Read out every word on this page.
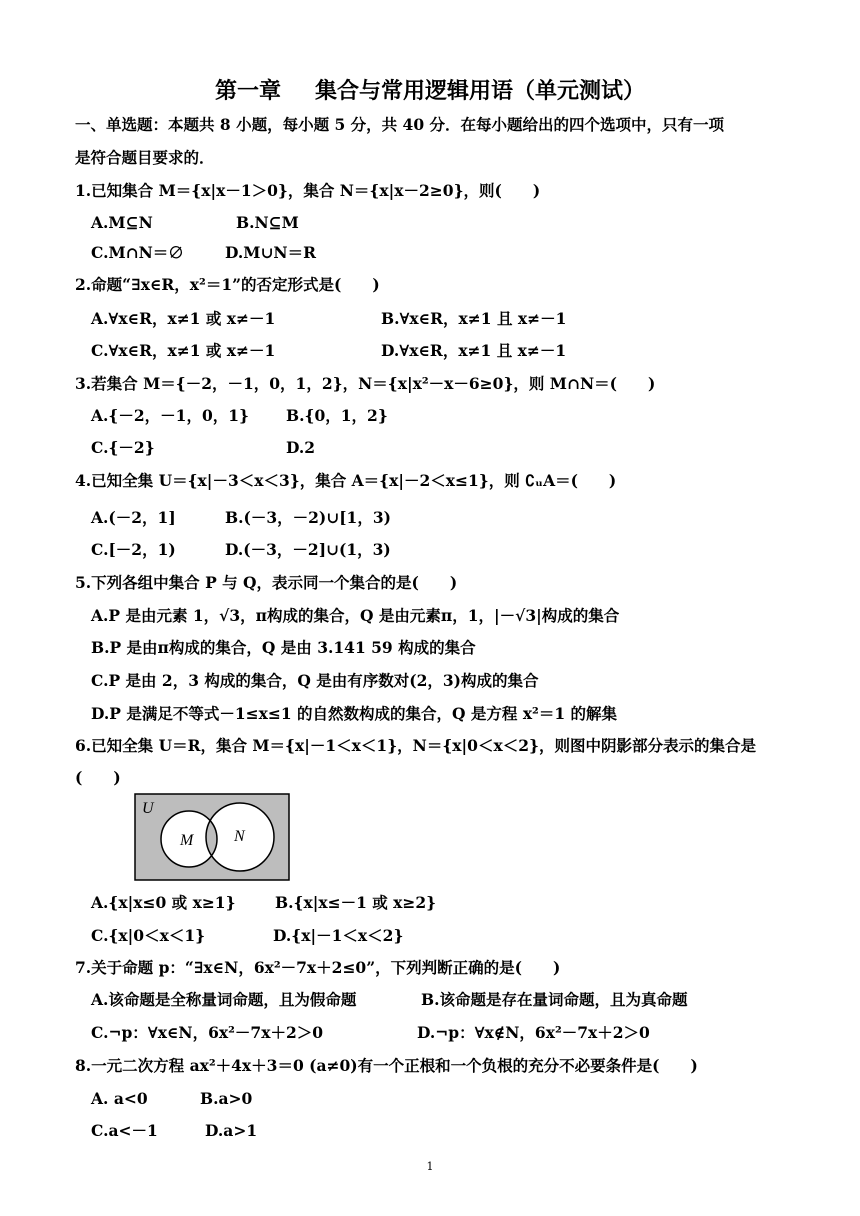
第一章 集合与常用逻辑用语（单元测试）
一、单选题：本题共 8 小题，每小题 5 分，共 40 分．在每小题给出的四个选项中，只有一项
是符合题目要求的．
1.已知集合 M＝{x|x－1＞0}，集合 N＝{x|x－2≥0}，则(　　)
A.M⊆N	B.N⊆M
C.M∩N＝∅	D.M∪N＝R
2.命题“∃x∈R，x²＝1”的否定形式是(　　)
A.∀x∈R，x≠1 或 x≠－1	B.∀x∈R，x≠1 且 x≠－1
C.∀x∈R，x≠1 或 x≠－1	D.∀x∈R，x≠1 且 x≠－1
3.若集合 M＝{－2，－1，0，1，2}，N＝{x|x²－x－6≥0}，则 M∩N＝(　　)
A.{－2，－1，0，1} B.{0，1，2}
C.{－2}	D.2
4.已知全集 U＝{x|－3＜x＜3}，集合 A＝{x|－2＜x≤1}，则 ∁ᵤA＝(　　)
A.(－2，1]	B.(－3，－2)∪[1，3)
C.[－2，1)	D.(－3，－2]∪(1，3)
5.下列各组中集合 P 与 Q，表示同一个集合的是(　　)
A.P 是由元素 1，√3，π构成的集合，Q 是由元素π，1，|－√3|构成的集合
B.P 是由π构成的集合，Q 是由 3.141 59 构成的集合
C.P 是由 2，3 构成的集合，Q 是由有序数对(2，3)构成的集合
D.P 是满足不等式－1≤x≤1 的自然数构成的集合，Q 是方程 x²＝1 的解集
6.已知全集 U＝R，集合 M＝{x|－1＜x＜1}，N＝{x|0＜x＜2}，则图中阴影部分表示的集合是
(　　)
U
M	N
A.{x|x≤0 或 x≥1}	B.{x|x≤－1 或 x≥2}
C.{x|0＜x＜1}	D.{x|－1＜x＜2}
7.关于命题 p：“∃x∈N，6x²－7x＋2≤0”，下列判断正确的是(　　)
A.该命题是全称量词命题，且为假命题	B.该命题是存在量词命题，且为真命题
C.¬p：∀x∈N，6x²－7x＋2＞0	D.¬p：∀x∉N，6x²－7x＋2＞0
8.一元二次方程 ax²＋4x＋3＝0 (a≠0)有一个正根和一个负根的充分不必要条件是(　　)
A. a<0	B.a>0
C.a<－1	D.a>1
1
